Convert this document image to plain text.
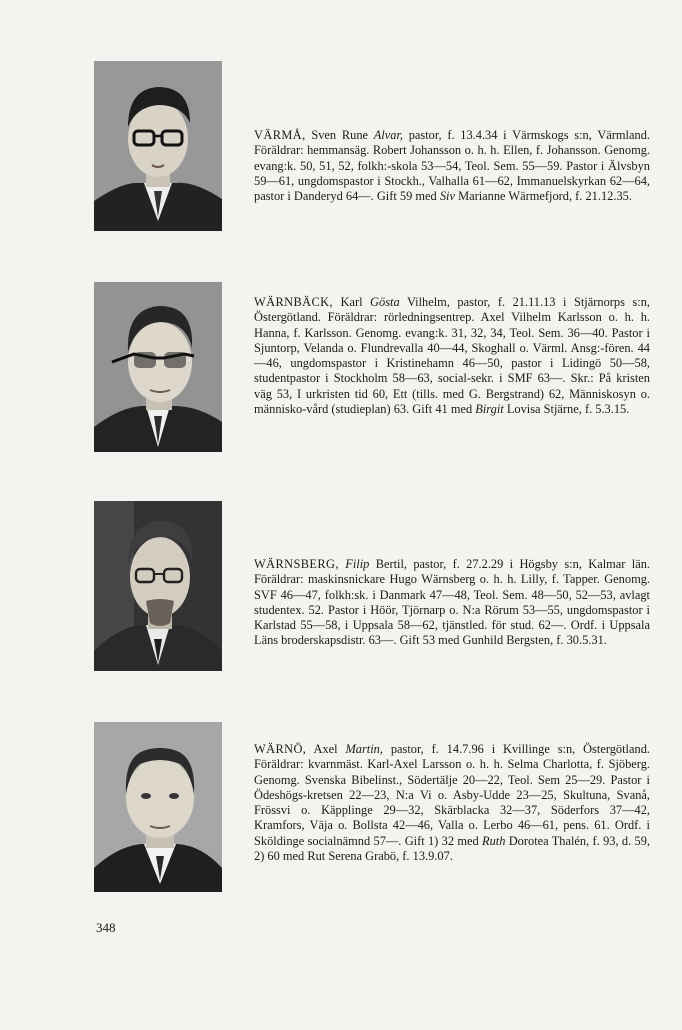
VÄRMÅ, Sven Rune Alvar, pastor, f. 13.4.34 i Värmskogs s:n, Värmland. Föräldrar: hemmansäg. Robert Johansson o. h. h. Ellen, f. Johansson. Genomg. evang:k. 50, 51, 52, folkh:-skola 53—54, Teol. Sem. 55—59. Pastor i Älvsbyn 59—61, ungdomspastor i Stockh., Valhalla 61—62, Immanuelskyrkan 62—64, pastor i Danderyd 64—. Gift 59 med Siv Marianne Wärmefjord, f. 21.12.35.

WÄRNBÄCK, Karl Gösta Vilhelm, pastor, f. 21.11.13 i Stjärnorps s:n, Östergötland. Föräldrar: rörledningsentrep. Axel Vilhelm Karlsson o. h. h. Hanna, f. Karlsson. Genomg. evang:k. 31, 32, 34, Teol. Sem. 36—40. Pastor i Sjuntorp, Velanda o. Flundrevalla 40—44, Skoghall o. Värml. Ansg:-fören. 44—46, ungdomspastor i Kristinehamn 46—50, pastor i Lidingö 50—58, studentpastor i Stockholm 58—63, social-sekr. i SMF 63—. Skr.: På kristen väg 53, I urkristen tid 60, Ett (tills. med G. Bergstrand) 62, Människosyn o. människo-vård (studieplan) 63. Gift 41 med Birgit Lovisa Stjärne, f. 5.3.15.

WÄRNSBERG, Filip Bertil, pastor, f. 27.2.29 i Högsby s:n, Kalmar län. Föräldrar: maskinsnickare Hugo Wärnsberg o. h. h. Lilly, f. Tapper. Genomg. SVF 46—47, folkh:sk. i Danmark 47—48, Teol. Sem. 48—50, 52—53, avlagt studentex. 52. Pastor i Höör, Tjörnarp o. N:a Rörum 53—55, ungdomspastor i Karlstad 55—58, i Uppsala 58—62, tjänstled. för stud. 62—. Ordf. i Uppsala Läns broderskapsdistr. 63—. Gift 53 med Gunhild Bergsten, f. 30.5.31.

WÄRNÖ, Axel Martin, pastor, f. 14.7.96 i Kvillinge s:n, Östergötland. Föräldrar: kvarnmäst. Karl-Axel Larsson o. h. h. Selma Charlotta, f. Sjöberg. Genomg. Svenska Bibelinst., Södertälje 20—22, Teol. Sem 25—29. Pastor i Ödeshögs-kretsen 22—23, N:a Vi o. Asby-Udde 23—25, Skultuna, Svanå, Frössvi o. Käpplinge 29—32, Skärblacka 32—37, Söderfors 37—42, Kramfors, Väja o. Bollsta 42—46, Valla o. Lerbo 46—61, pens. 61. Ordf. i Sköldinge socialnämnd 57—. Gift 1) 32 med Ruth Dorotea Thalén, f. 93, d. 59, 2) 60 med Rut Serena Grabö, f. 13.9.07.

348
